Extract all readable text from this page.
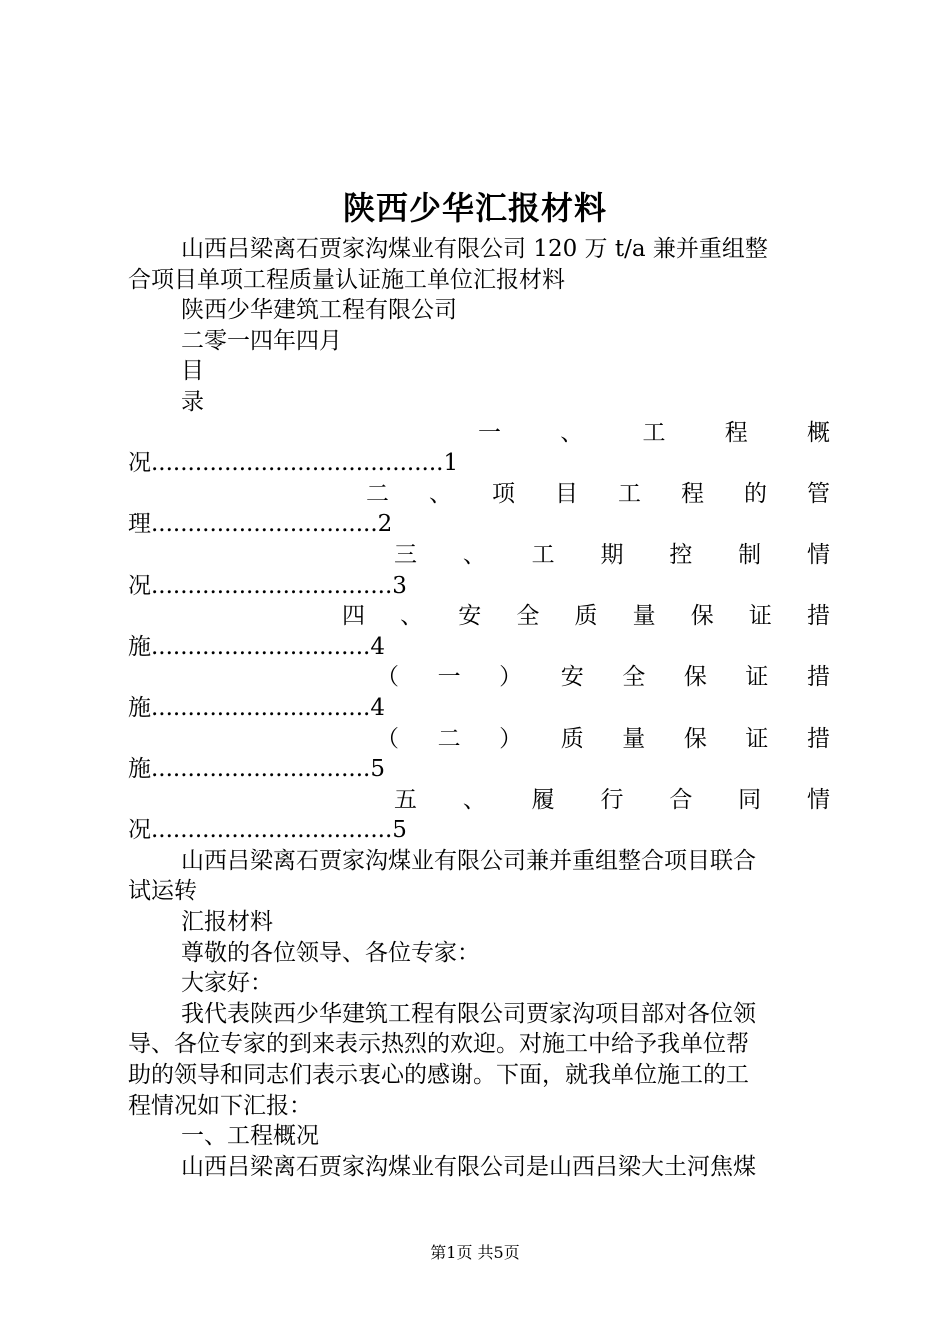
陕西少华汇报材料
山西吕梁离石贾家沟煤业有限公司 120 万 t/a 兼并重组整
合项目单项工程质量认证施工单位汇报材料
陕西少华建筑工程有限公司
二零一四年四月
目
录
一	、	工	程	概
况........................................1
二 、 项 目 工 程 的 管
理...............................2
三 、 工 期 控 制 情
况.................................3
四 、 安 全 质 量 保 证 措
施..............................4
（ 一 ） 安 全 保 证 措
施..............................4
（ 二 ） 质 量 保 证 措
施..............................5
五 、 履 行 合 同 情
况.................................5
山西吕梁离石贾家沟煤业有限公司兼并重组整合项目联合
试运转
汇报材料
尊敬的各位领导、各位专家：
大家好：
我代表陕西少华建筑工程有限公司贾家沟项目部对各位领
导、各位专家的到来表示热烈的欢迎。对施工中给予我单位帮
助的领导和同志们表示衷心的感谢。下面，就我单位施工的工
程情况如下汇报：
一、工程概况
山西吕梁离石贾家沟煤业有限公司是山西吕梁大土河焦煤
第1页 共5页
